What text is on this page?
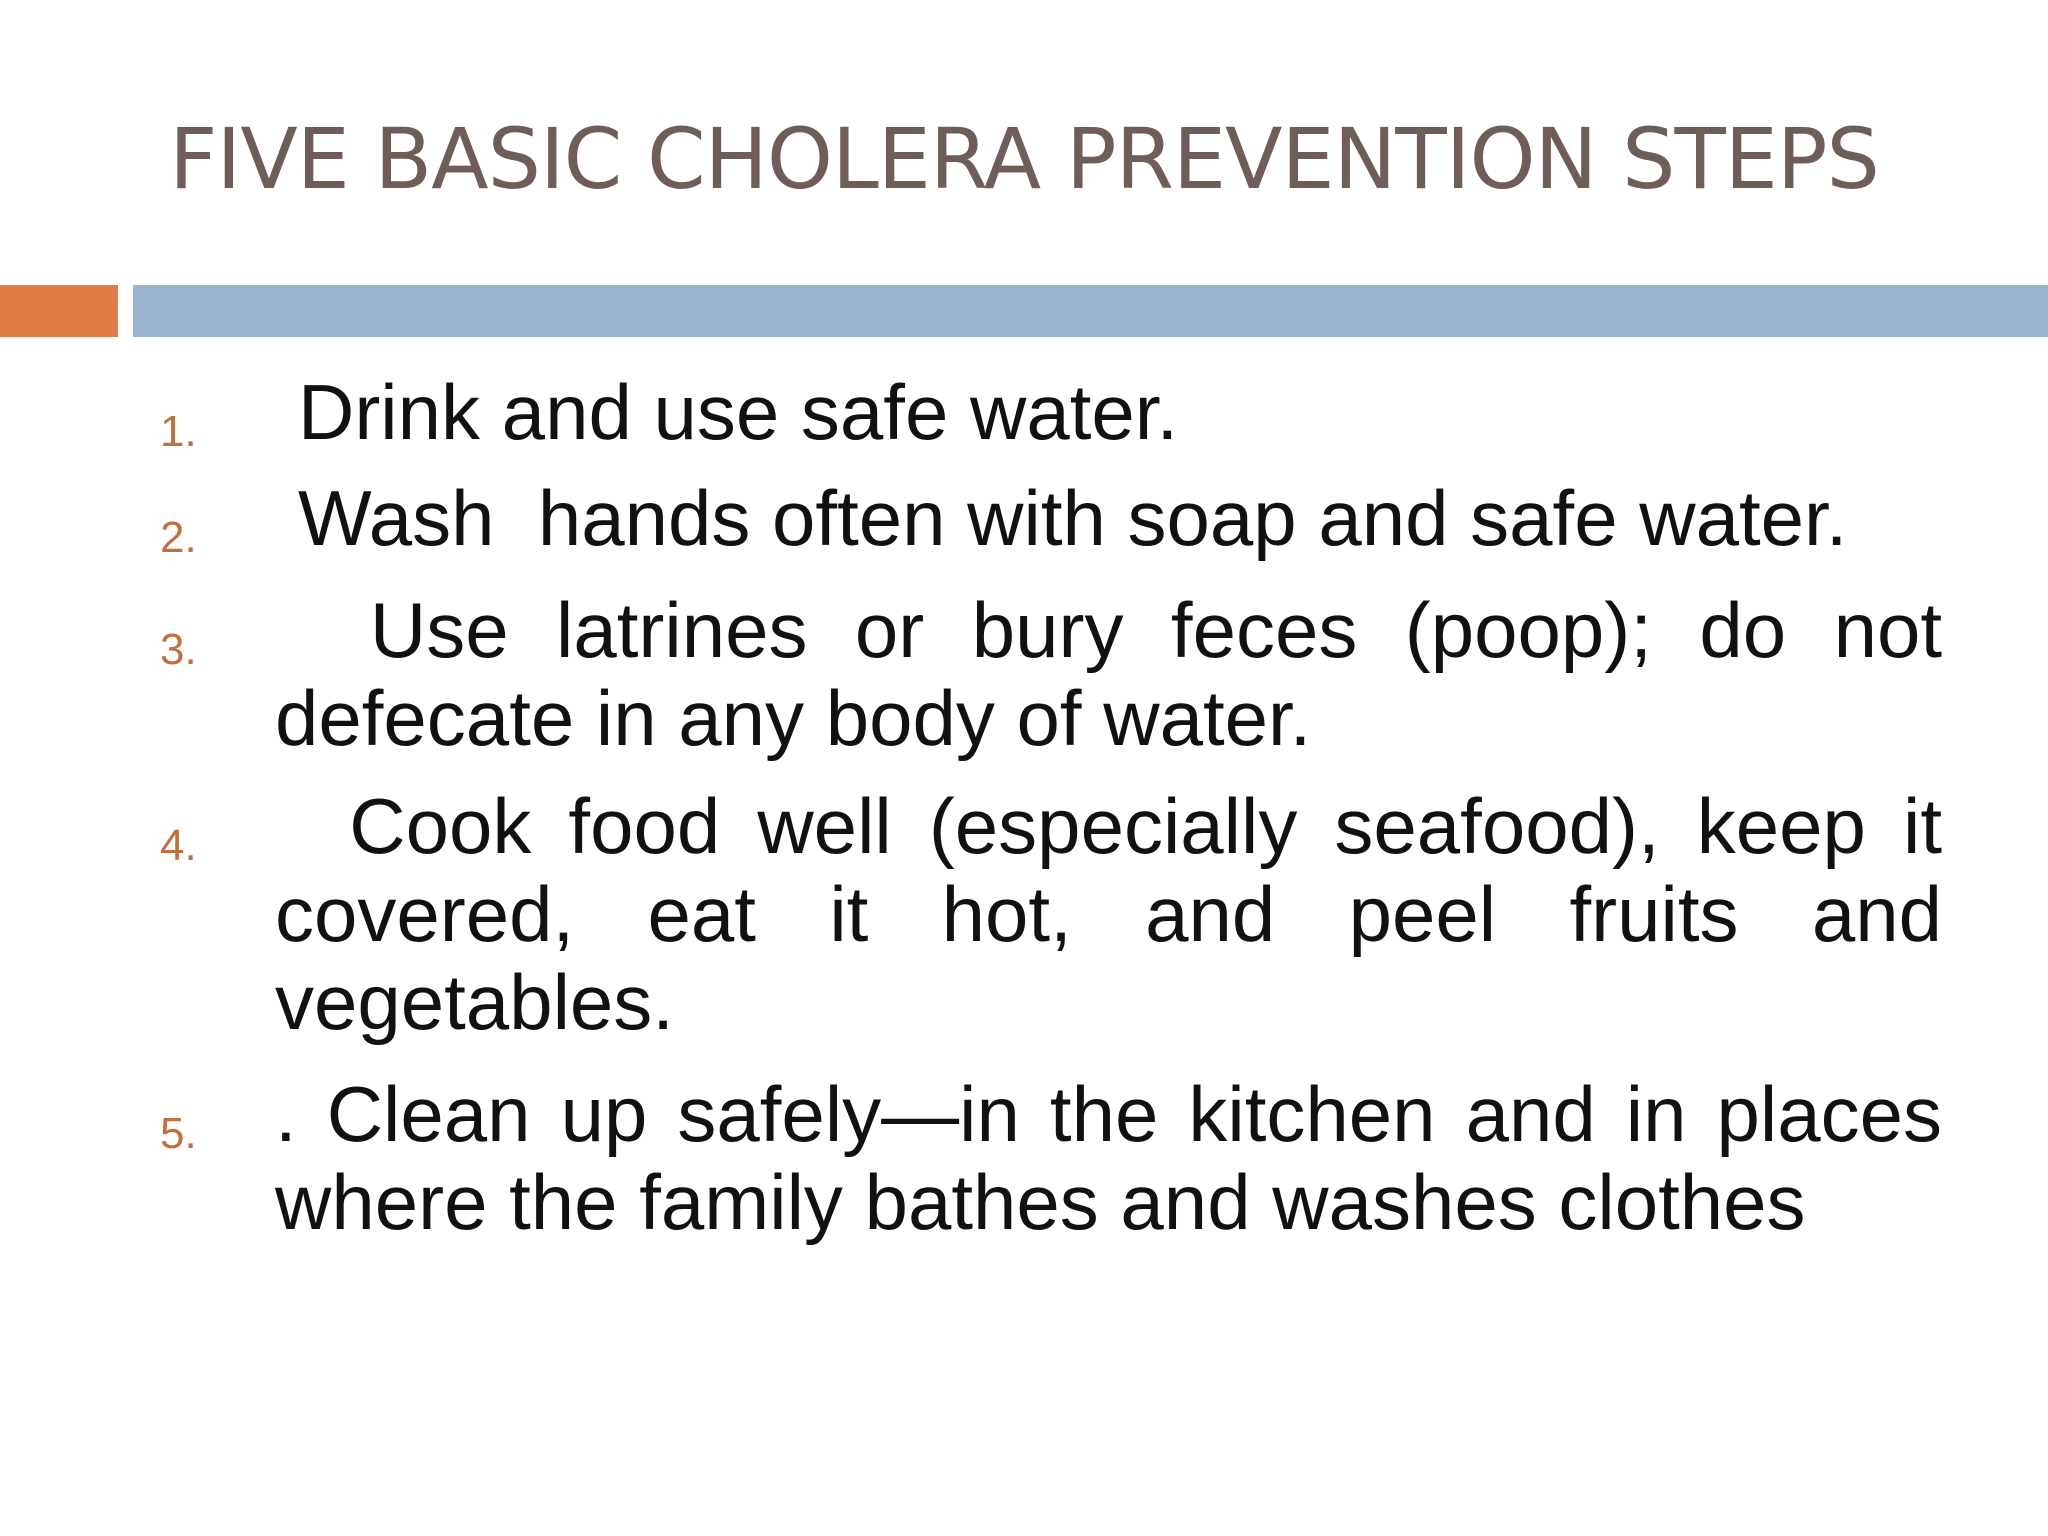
FIVE BASIC CHOLERA PREVENTION STEPS
1. Drink and use safe water.
2. Wash  hands often with soap and safe water.
3. Use latrines or bury feces (poop); do not defecate in any body of water.
4. Cook food well (especially seafood), keep it covered, eat it hot, and peel fruits and vegetables.
5. . Clean up safely—in the kitchen and in places where the family bathes and washes clothes
